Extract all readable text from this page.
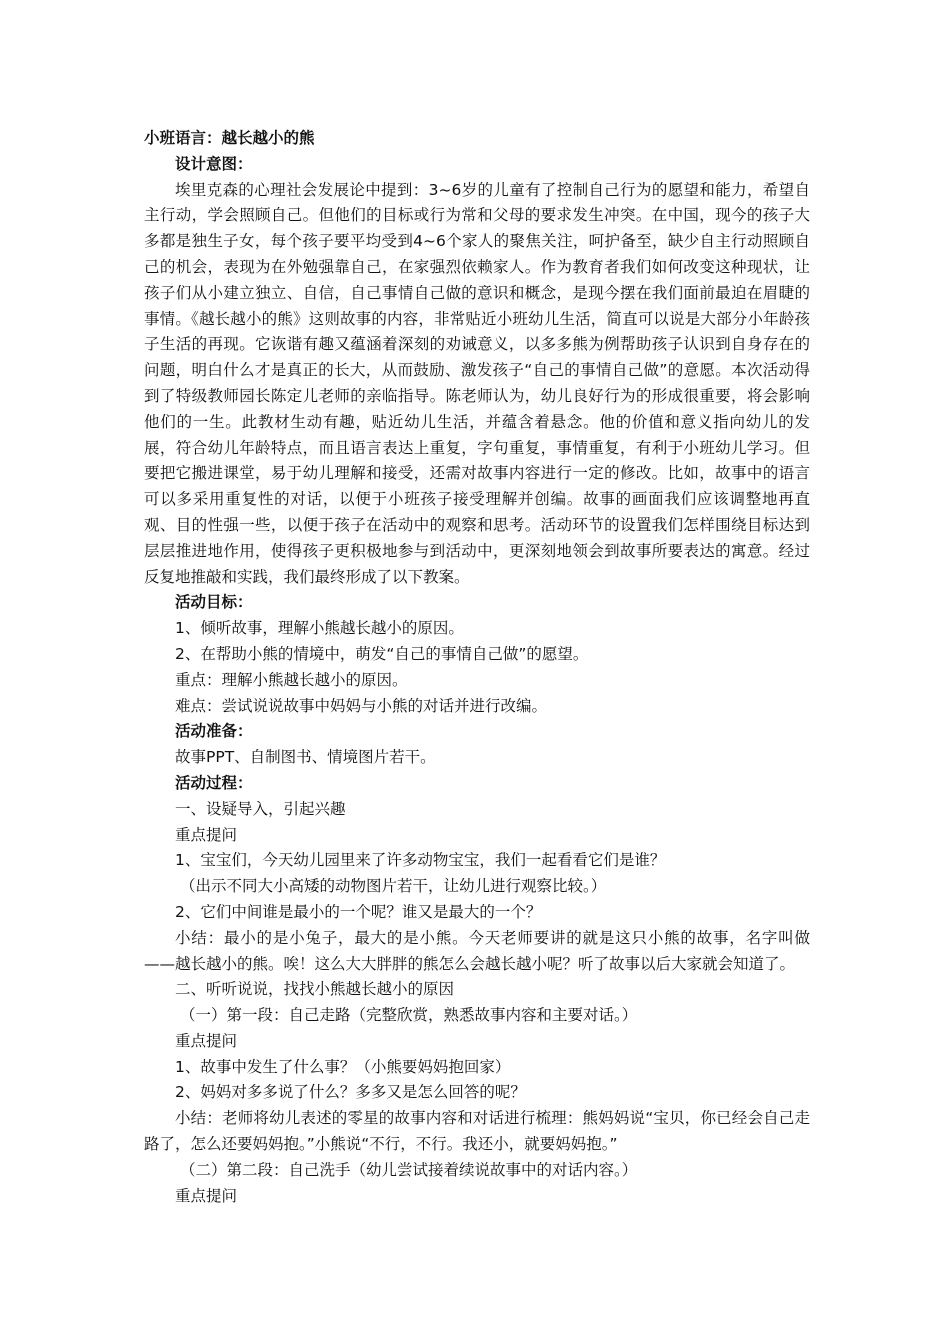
小班语言：越长越小的熊

设计意图：

埃里克森的心理社会发展论中提到：3~6岁的儿童有了控制自己行为的愿望和能力，希望自主行动，学会照顾自己。但他们的目标或行为常和父母的要求发生冲突。在中国，现今的孩子大多都是独生子女，每个孩子要平均受到4~6个家人的聚焦关注，呵护备至，缺少自主行动照顾自己的机会，表现为在外勉强靠自己，在家强烈依赖家人。作为教育者我们如何改变这种现状，让孩子们从小建立独立、自信，自己事情自己做的意识和概念，是现今摆在我们面前最迫在眉睫的事情。《越长越小的熊》这则故事的内容，非常贴近小班幼儿生活，简直可以说是大部分小年龄孩子生活的再现。它诙谐有趣又蕴涵着深刻的劝诫意义，以多多熊为例帮助孩子认识到自身存在的问题，明白什么才是真正的长大，从而鼓励、激发孩子“自己的事情自己做”的意愿。本次活动得到了特级教师园长陈定儿老师的亲临指导。陈老师认为，幼儿良好行为的形成很重要，将会影响他们的一生。此教材生动有趣，贴近幼儿生活，并蕴含着悬念。他的价值和意义指向幼儿的发展，符合幼儿年龄特点，而且语言表达上重复，字句重复，事情重复，有利于小班幼儿学习。但要把它搬进课堂，易于幼儿理解和接受，还需对故事内容进行一定的修改。比如，故事中的语言可以多采用重复性的对话，以便于小班孩子接受理解并创编。故事的画面我们应该调整地再直观、目的性强一些，以便于孩子在活动中的观察和思考。活动环节的设置我们怎样围绕目标达到层层推进地作用，使得孩子更积极地参与到活动中，更深刻地领会到故事所要表达的寓意。经过反复地推敲和实践，我们最终形成了以下教案。

活动目标：

1、倾听故事，理解小熊越长越小的原因。

2、在帮助小熊的情境中，萌发“自己的事情自己做”的愿望。

重点：理解小熊越长越小的原因。

难点：尝试说说故事中妈妈与小熊的对话并进行改编。

活动准备：

故事PPT、自制图书、情境图片若干。

活动过程：

一、设疑导入，引起兴趣

重点提问

1、宝宝们，今天幼儿园里来了许多动物宝宝，我们一起看看它们是谁？

（出示不同大小高矮的动物图片若干，让幼儿进行观察比较。）

2、它们中间谁是最小的一个呢？谁又是最大的一个？

小结：最小的是小兔子，最大的是小熊。今天老师要讲的就是这只小熊的故事，名字叫做——越长越小的熊。唉！这么大大胖胖的熊怎么会越长越小呢？听了故事以后大家就会知道了。

二、听听说说，找找小熊越长越小的原因

（一）第一段：自己走路（完整欣赏，熟悉故事内容和主要对话。）

重点提问

1、故事中发生了什么事？（小熊要妈妈抱回家）

2、妈妈对多多说了什么？多多又是怎么回答的呢？

小结：老师将幼儿表述的零星的故事内容和对话进行梳理：熊妈妈说“宝贝，你已经会自己走路了，怎么还要妈妈抱。”小熊说“不行，不行。我还小，就要妈妈抱。”

（二）第二段：自己洗手（幼儿尝试接着续说故事中的对话内容。）

重点提问
